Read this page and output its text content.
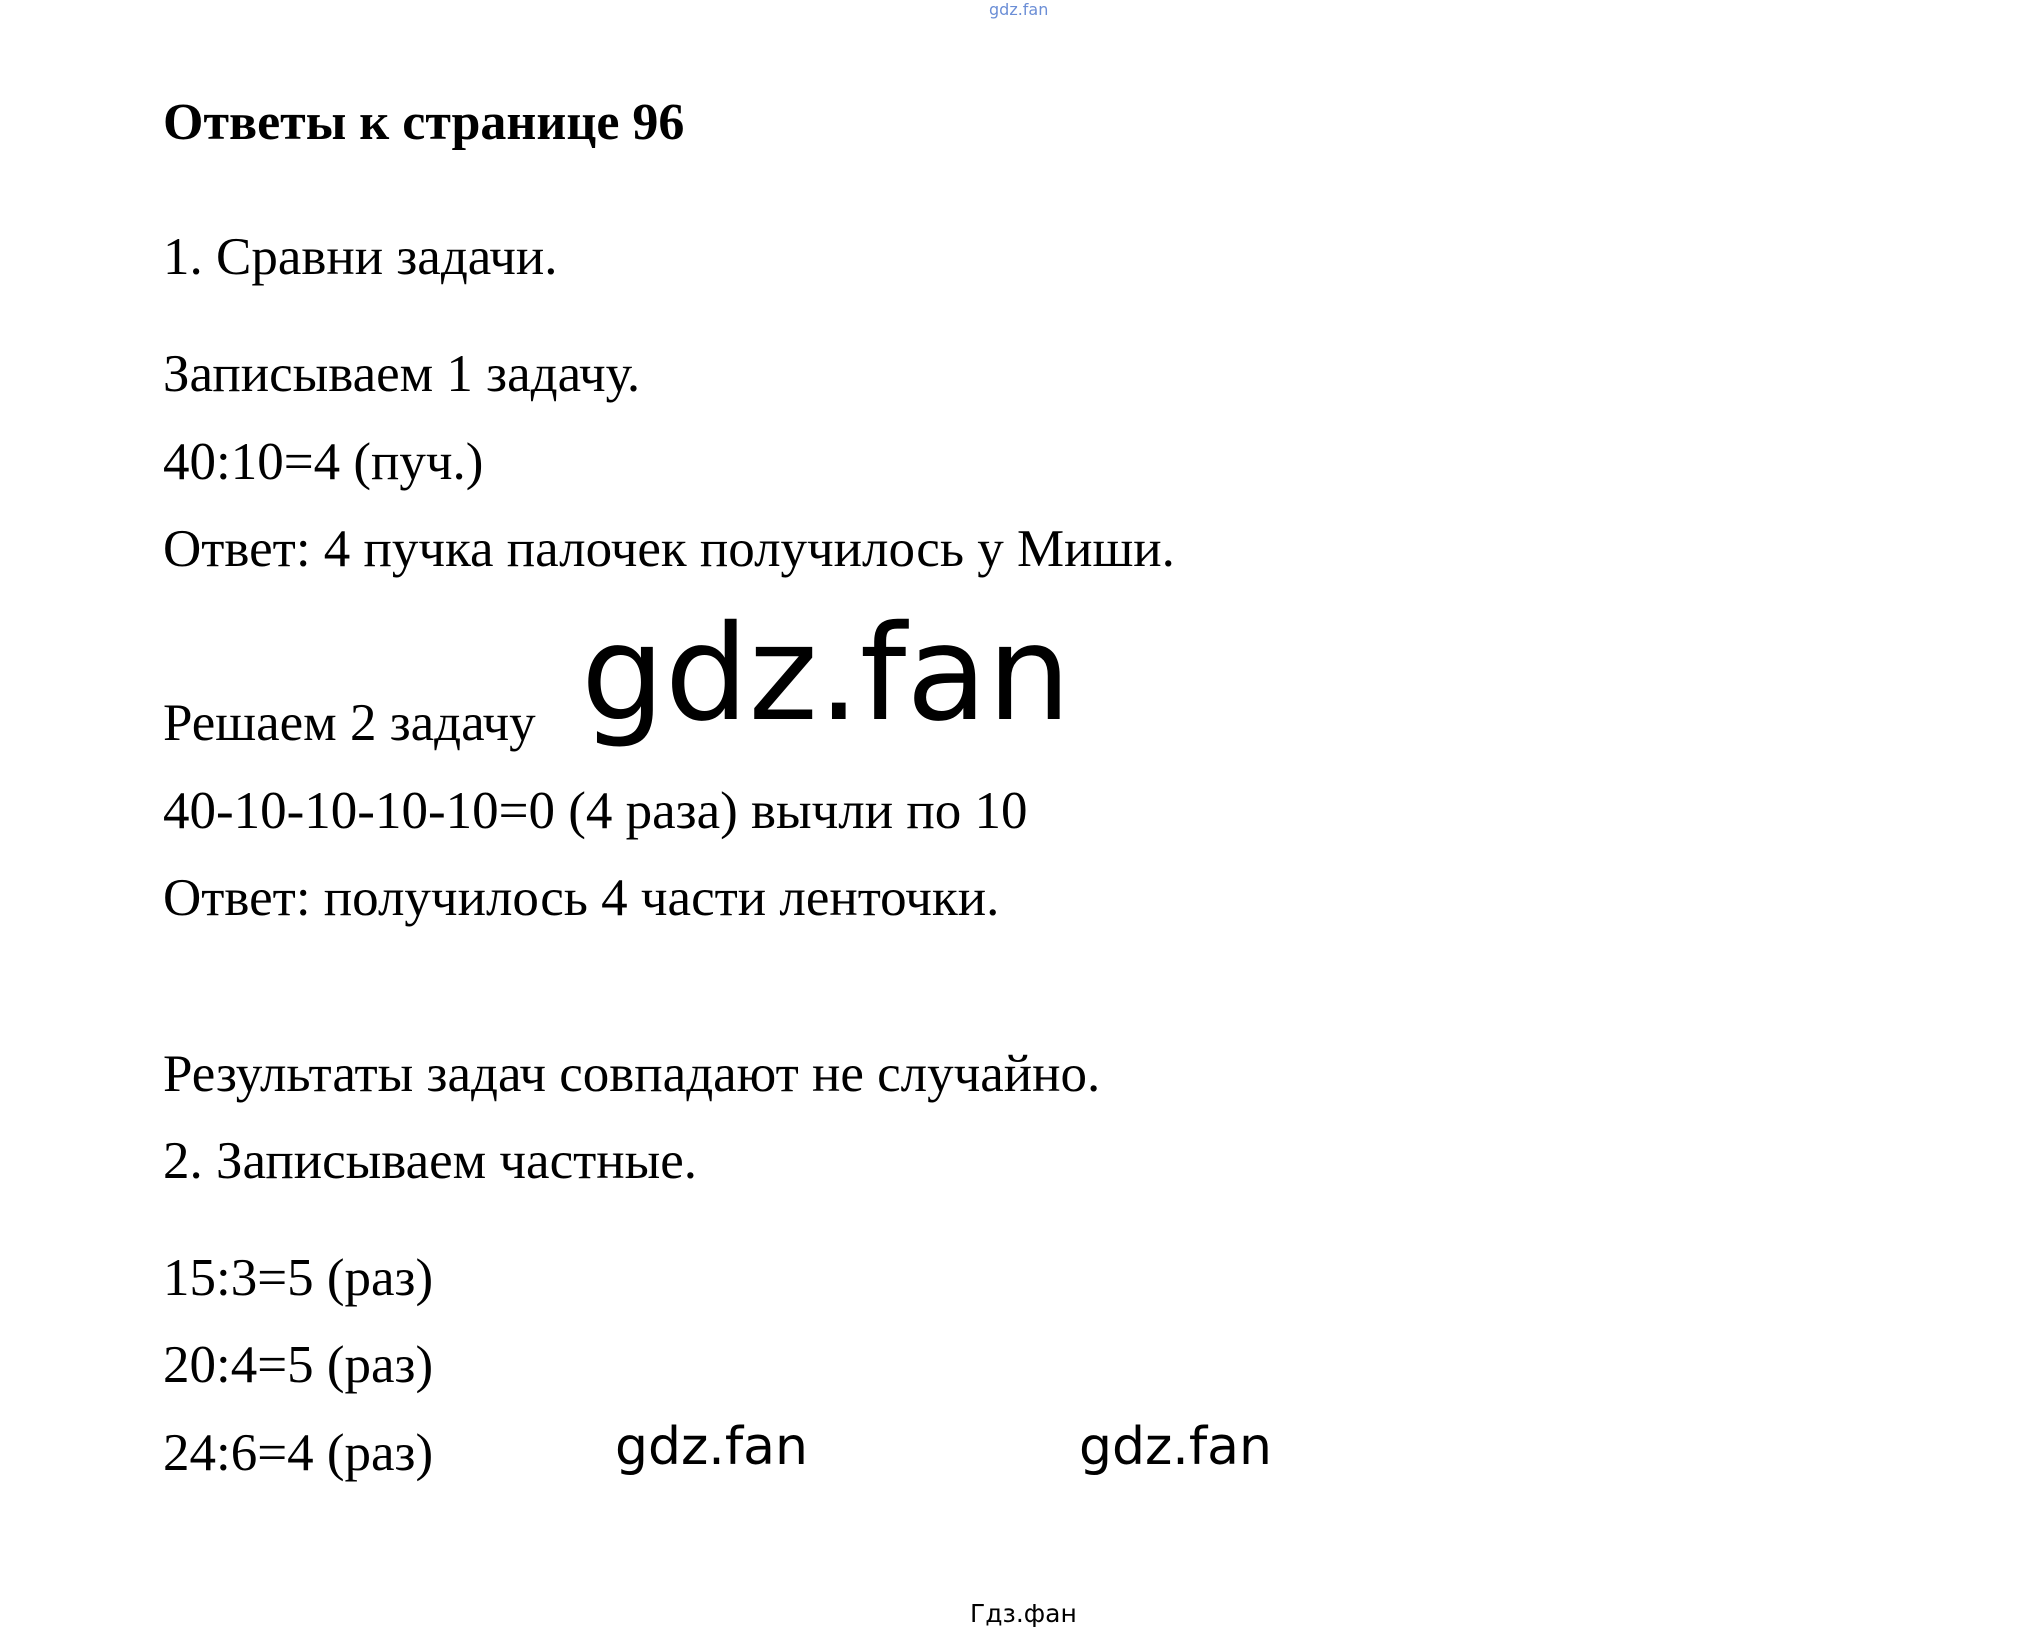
gdz.fan
Ответы к странице 96
1. Сравни задачи.
Записываем 1 задачу.
40:10=4 (пуч.)
Ответ: 4 пучка палочек получилось у Миши.
gdz.fan
Решаем 2 задачу
40-10-10-10-10=0 (4 раза) вычли по 10
Ответ: получилось 4 части ленточки.
Результаты задач совпадают не случайно.
2. Записываем частные.
15:3=5 (раз)
20:4=5 (раз)
24:6=4 (раз)	gdz.fan	gdz.fan
Гдз.фан
